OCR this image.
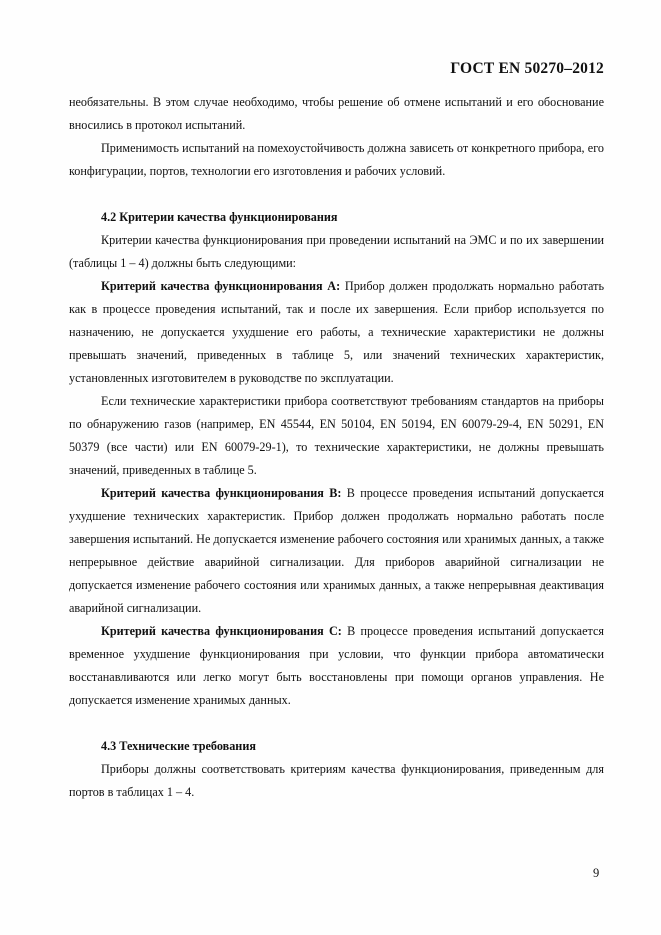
ГОСТ EN 50270–2012

необязательны. В этом случае необходимо, чтобы решение об отмене испытаний и его обоснование вносились в протокол испытаний.

Применимость испытаний на помехоустойчивость должна зависеть от конкретного прибора, его конфигурации, портов, технологии его изготовления и рабочих условий.

4.2 Критерии качества функционирования

Критерии качества функционирования при проведении испытаний на ЭМС и по их завершении (таблицы 1 – 4) должны быть следующими:

Критерий качества функционирования А: Прибор должен продолжать нормально работать как в процессе проведения испытаний, так и после их завершения. Если прибор используется по назначению, не допускается ухудшение его работы, а технические характеристики не должны превышать значений, приведенных в таблице 5, или значений технических характеристик, установленных изготовителем в руководстве по эксплуатации.

Если технические характеристики прибора соответствуют требованиям стандартов на приборы по обнаружению газов (например, EN 45544, EN 50104, EN 50194, EN 60079-29-4, EN 50291, EN 50379 (все части) или EN 60079-29-1), то технические характеристики, не должны превышать значений, приведенных в таблице 5.

Критерий качества функционирования В: В процессе проведения испытаний допускается ухудшение технических характеристик. Прибор должен продолжать нормально работать после завершения испытаний. Не допускается изменение рабочего состояния или хранимых данных, а также непрерывное действие аварийной сигнализации. Для приборов аварийной сигнализации не допускается изменение рабочего состояния или хранимых данных, а также непрерывная деактивация аварийной сигнализации.

Критерий качества функционирования С: В процессе проведения испытаний допускается временное ухудшение функционирования при условии, что функции прибора автоматически восстанавливаются или легко могут быть восстановлены при помощи органов управления. Не допускается изменение хранимых данных.

4.3 Технические требования

Приборы должны соответствовать критериям качества функционирования, приведенным для портов в таблицах 1 – 4.

9
